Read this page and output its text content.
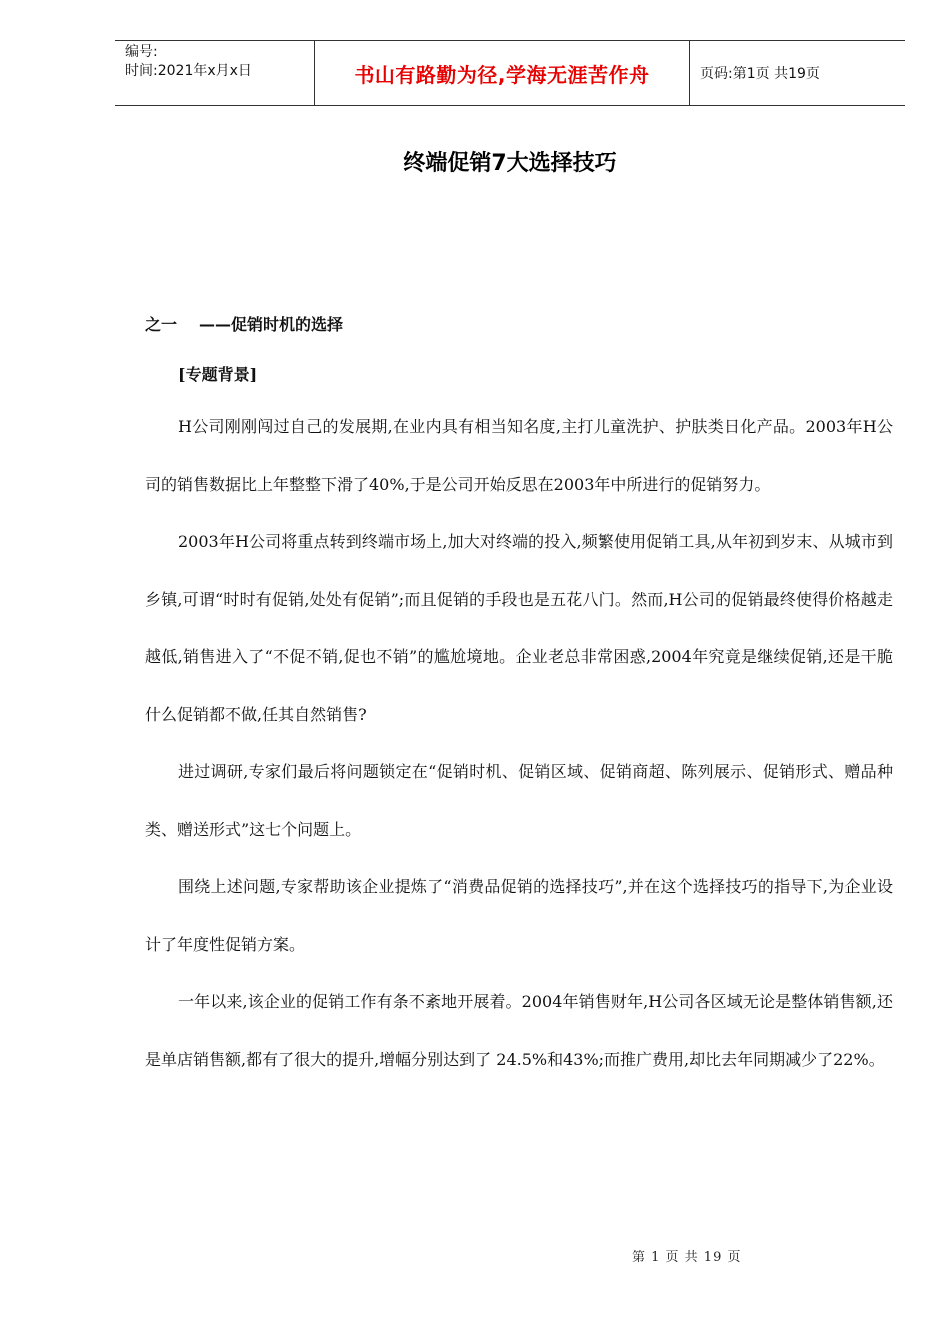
编号:
时间:2021年x月x日	书山有路勤为径,学海无涯苦作舟	页码:第1页 共19页
终端促销7大选择技巧
之一 ——促销时机的选择
[专题背景]

H公司刚刚闯过自己的发展期,在业内具有相当知名度,主打儿童洗护、护肤类日化产品。2003年H公司的销售数据比上年整整下滑了40%,于是公司开始反思在2003年中所进行的促销努力。

2003年H公司将重点转到终端市场上,加大对终端的投入,频繁使用促销工具,从年初到岁末、从城市到乡镇,可谓“时时有促销,处处有促销”;而且促销的手段也是五花八门。然而,H公司的促销最终使得价格越走越低,销售进入了“不促不销,促也不销”的尴尬境地。企业老总非常困惑,2004年究竟是继续促销,还是干脆什么促销都不做,任其自然销售?

进过调研,专家们最后将问题锁定在“促销时机、促销区域、促销商超、陈列展示、促销形式、赠品种类、赠送形式”这七个问题上。

围绕上述问题,专家帮助该企业提炼了“消费品促销的选择技巧”,并在这个选择技巧的指导下,为企业设计了年度性促销方案。

一年以来,该企业的促销工作有条不紊地开展着。2004年销售财年,H公司各区域无论是整体销售额,还是单店销售额,都有了很大的提升,增幅分别达到了 24.5%和43%;而推广费用,却比去年同期减少了22%。

第 1 页 共 19 页
